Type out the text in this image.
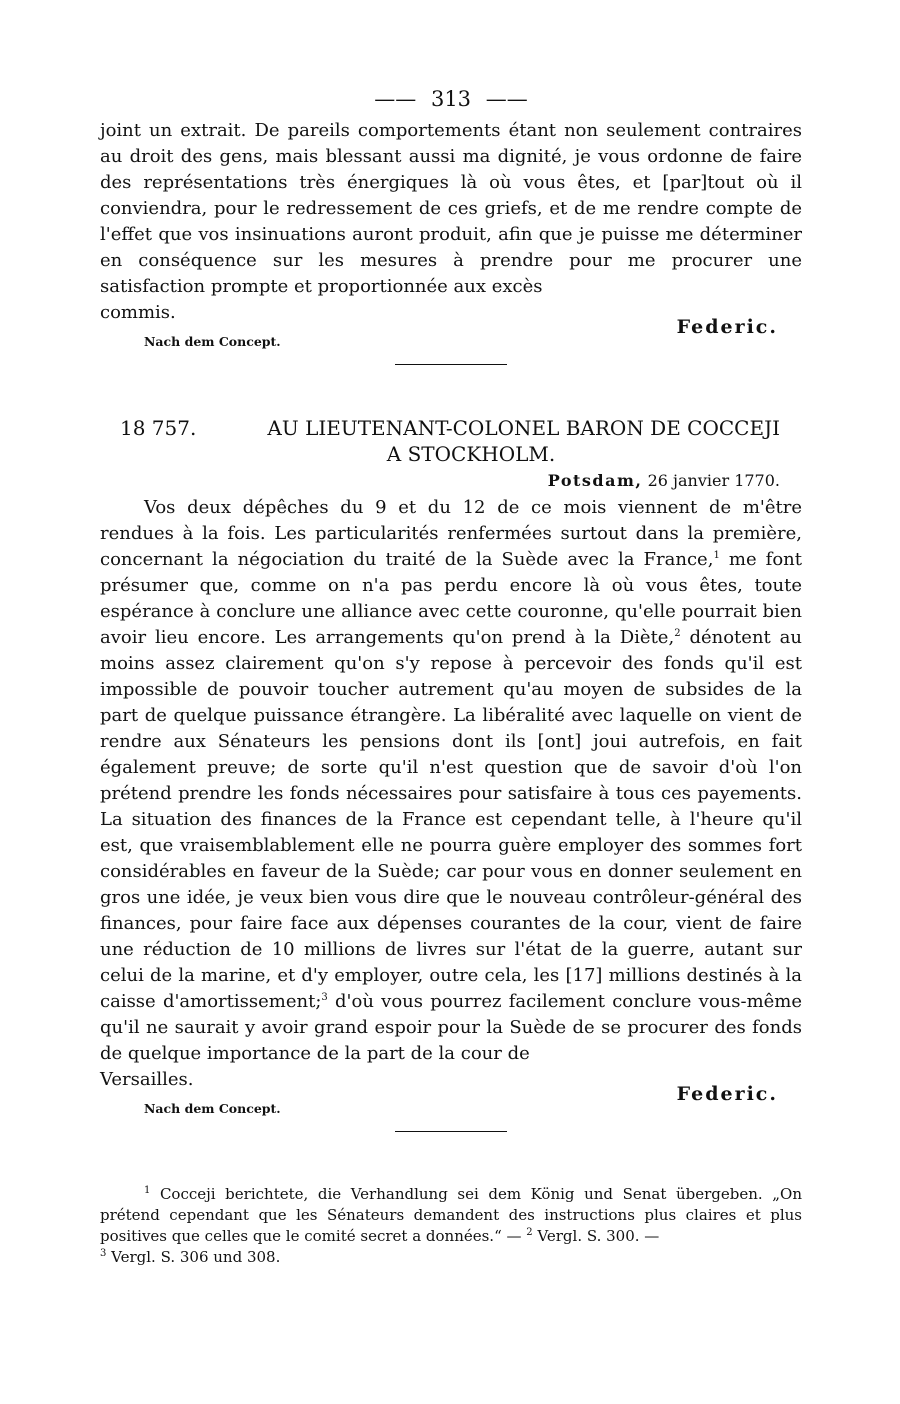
—— 313 ——
joint un extrait. De pareils comportements étant non seulement contraires au droit des gens, mais blessant aussi ma dignité, je vous ordonne de faire des représentations très énergiques là où vous êtes, et [par]tout où il conviendra, pour le redressement de ces griefs, et de me rendre compte de l'effet que vos insinuations auront produit, afin que je puisse me déterminer en conséquence sur les mesures à prendre pour me procurer une satisfaction prompte et proportionnée aux excès
commis.
Nach dem Concept.
Federic.
18 757.	AU LIEUTENANT-COLONEL BARON DE COCCEJI
A STOCKHOLM.
Potsdam, 26 janvier 1770.
Vos deux dépêches du 9 et du 12 de ce mois viennent de m'être rendues à la fois. Les particularités renfermées surtout dans la première, concernant la négociation du traité de la Suède avec la France,$^1$ me font présumer que, comme on n'a pas perdu encore là où vous êtes, toute espérance à conclure une alliance avec cette couronne, qu'elle pourrait bien avoir lieu encore. Les arrangements qu'on prend à la Diète,$^2$ dénotent au moins assez clairement qu'on s'y repose à percevoir des fonds qu'il est impossible de pouvoir toucher autrement qu'au moyen de subsides de la part de quelque puissance étrangère. La libéralité avec laquelle on vient de rendre aux Sénateurs les pensions dont ils [ont] joui autrefois, en fait également preuve; de sorte qu'il n'est question que de savoir d'où l'on prétend prendre les fonds nécessaires pour satisfaire à tous ces payements. La situation des finances de la France est cependant telle, à l'heure qu'il est, que vraisemblablement elle ne pourra guère employer des sommes fort considérables en faveur de la Suède; car pour vous en donner seulement en gros une idée, je veux bien vous dire que le nouveau contrôleur-général des finances, pour faire face aux dépenses courantes de la cour, vient de faire une réduction de 10 millions de livres sur l'état de la guerre, autant sur celui de la marine, et d'y employer, outre cela, les [17] millions destinés à la caisse d'amortissement;$^3$ d'où vous pourrez facilement conclure vous-même qu'il ne saurait y avoir grand espoir pour la Suède de se procurer des fonds de quelque importance de la part de la cour de
Versailles.
Nach dem Concept.
Federic.
$^1$ Cocceji berichtete, die Verhandlung sei dem König und Senat übergeben. „On prétend cependant que les Sénateurs demandent des instructions plus claires et plus positives que celles que le comité secret a données.“ — $^2$ Vergl. S. 300. —
$^3$ Vergl. S. 306 und 308.
